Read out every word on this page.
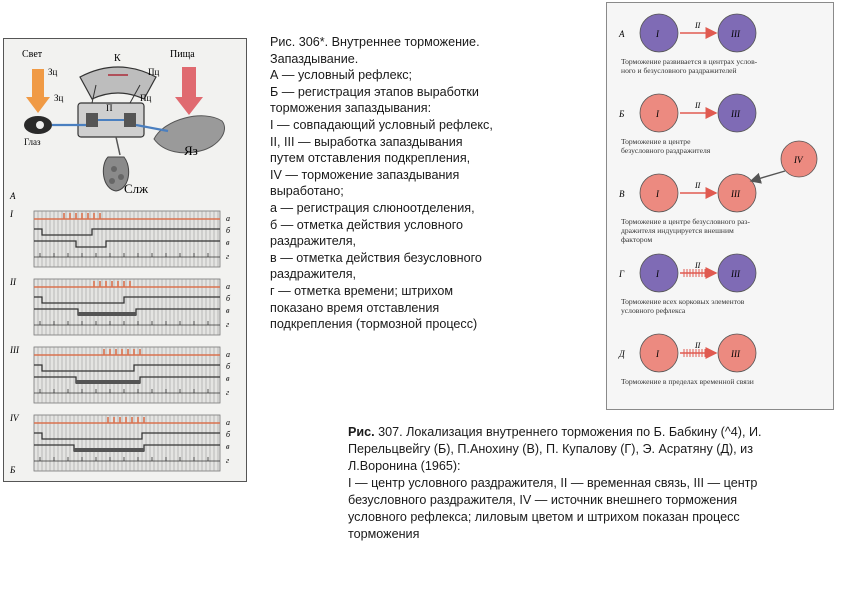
Свет	Пища
К
Зц
Зц
Пц
Пц
П
Глаз
Яз
Слж
А
Б
I	а
б
в
г
II	а
б
в
г
III	а
б
в
г
IV	а
б
в
г
Рис. 306*. Внутреннее торможение.
Запаздывание.
А — условный рефлекс;
Б — регистрация этапов выработки
торможения запаздывания:
I — совпадающий условный рефлекс,
II, III — выработка запаздывания
путем отставления подкрепления,
IV — торможение запаздывания
выработано;
а — регистрация слюноотделения,
б — отметка действия условного
раздражителя,
в — отметка действия безусловного
раздражителя,
г — отметка времени; штрихом
показано время отставления
подкрепления (тормозной процесс)
А	I	III
II
Торможение развивается в центрах услов-
ного и безусловного раздражителей
Б	I	III
II
Торможение в центре
безусловного раздражителя
В	I	III
II
Торможение в центре безусловного раз-
дражителя индуцируется внешним
фактором
IV
Г	I	III
II
Торможение всех корковых элементов
условного рефлекса
Д	I	III
II
Торможение в пределах временной связи
Рис. 307. Локализация внутреннего торможения по Б. Бабкину (^4), И.
Перельцвейгу (Б), П.Анохину (В), П. Купалову (Г), Э. Асратяну (Д), из
Л.Воронина (1965):
I — центр условного раздражителя, II — временная связь, III — центр
безусловного раздражителя, IV — источник внешнего торможения
условного рефлекса; лиловым цветом и штрихом показан процесс
торможения
